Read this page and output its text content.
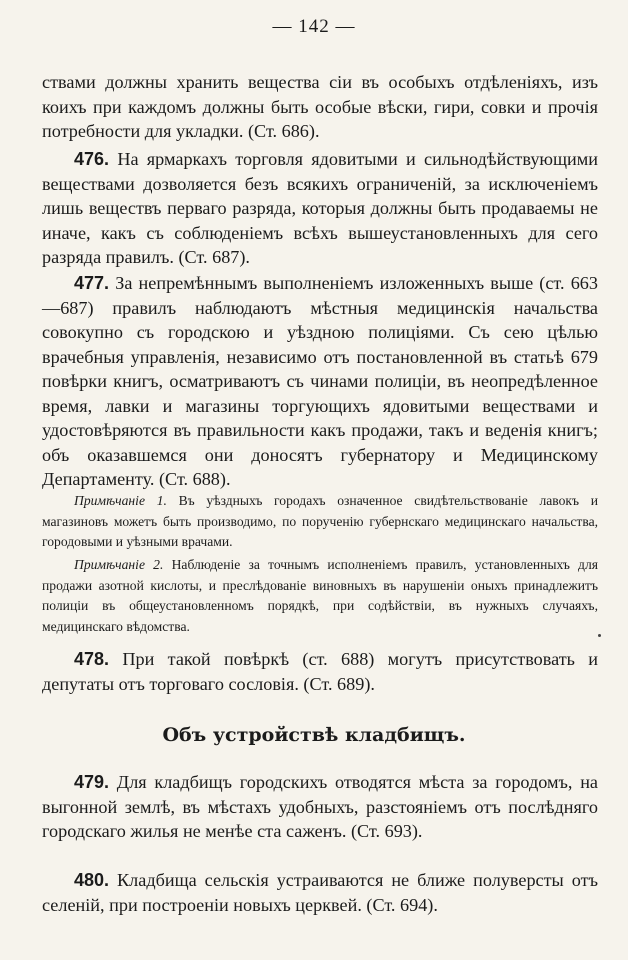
— 142 —

ствами должны хранить вещества сіи въ особыхъ отдѣленіяхъ, изъ коихъ при каждомъ должны быть особые вѣски, гири, совки и прочія потребности для укладки. (Ст. 686).

476. На ярмаркахъ торговля ядовитыми и сильнодѣйствующими веществами дозволяется безъ всякихъ ограниченій, за исключеніемъ лишь веществъ перваго разряда, которыя должны быть продаваемы не иначе, какъ съ соблюденіемъ всѣхъ вышеустановленныхъ для сего разряда правилъ. (Ст. 687).

477. За непремѣннымъ выполненіемъ изложенныхъ выше (ст. 663—687) правилъ наблюдаютъ мѣстныя медицинскія начальства совокупно съ городскою и уѣздною полиціями. Съ сею цѣлью врачебныя управленія, независимо отъ постановленной въ статьѣ 679 повѣрки книгъ, осматриваютъ съ чинами полиціи, въ неопредѣленное время, лавки и магазины торгующихъ ядовитыми веществами и удостовѣряются въ правильности какъ продажи, такъ и веденія книгъ; объ оказавшемся они доносятъ губернатору и Медицинскому Департаменту. (Ст. 688).

Примѣчаніе 1. Въ уѣздныхъ городахъ означенное свидѣтельствованіе лавокъ и магазиновъ можетъ быть производимо, по порученію губернскаго медицинскаго начальства, городовыми и уѣзными врачами.

Примѣчаніе 2. Наблюденіе за точнымъ исполненіемъ правилъ, установленныхъ для продажи азотной кислоты, и преслѣдованіе виновныхъ въ нарушеніи оныхъ принадлежитъ полиціи въ общеустановленномъ порядкѣ, при содѣйствіи, въ нужныхъ случаяхъ, медицинскаго вѣдомства.

478. При такой повѣркѣ (ст. 688) могутъ присутствовать и депутаты отъ торговаго сословія. (Ст. 689).

Объ устройствѣ кладбищъ.

479. Для кладбищъ городскихъ отводятся мѣста за городомъ, на выгонной землѣ, въ мѣстахъ удобныхъ, разстояніемъ отъ послѣдняго городскаго жилья не менѣе ста саженъ. (Ст. 693).

480. Кладбища сельскія устраиваются не ближе полуверсты отъ селеній, при построеніи новыхъ церквей. (Ст. 694).
